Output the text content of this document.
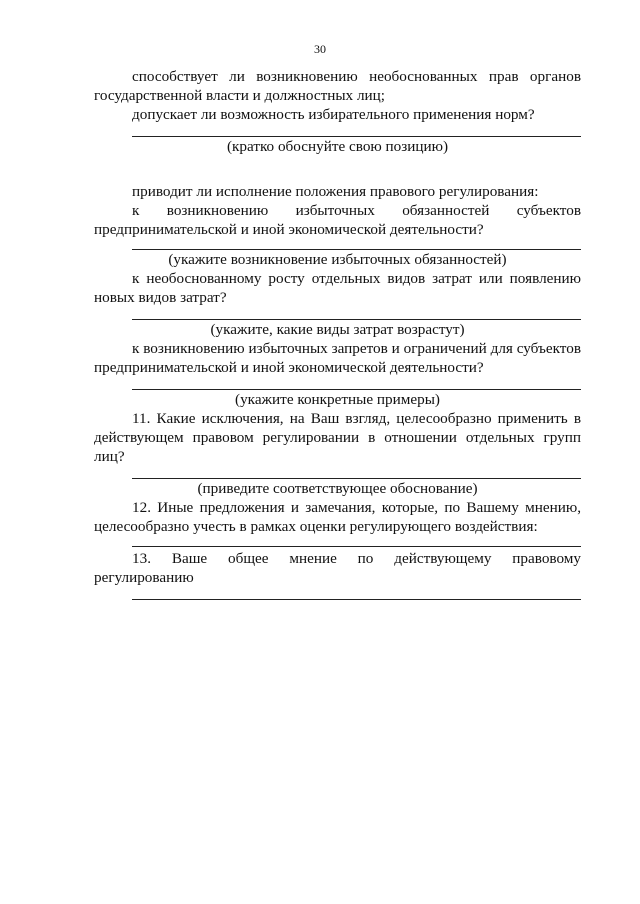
30

способствует ли возникновению необоснованных прав органов государственной власти и должностных лиц;

допускает ли возможность избирательного применения норм?

(кратко обоснуйте свою позицию)

приводит ли исполнение положения правового регулирования:

к возникновению избыточных обязанностей субъектов

предпринимательской и иной экономической деятельности?

(укажите возникновение избыточных обязанностей)

к необоснованному росту отдельных видов затрат или появлению новых видов затрат?

(укажите, какие виды затрат возрастут)

к возникновению избыточных запретов и ограничений для субъектов предпринимательской и иной экономической деятельности?

(укажите конкретные примеры)

11. Какие исключения, на Ваш взгляд, целесообразно применить в действующем правовом регулировании в отношении отдельных групп лиц?

(приведите соответствующее обоснование)

12. Иные предложения и замечания, которые, по Вашему мнению, целесообразно учесть в рамках оценки регулирующего воздействия:

13. Ваше общее мнение по действующему правовому регулированию
